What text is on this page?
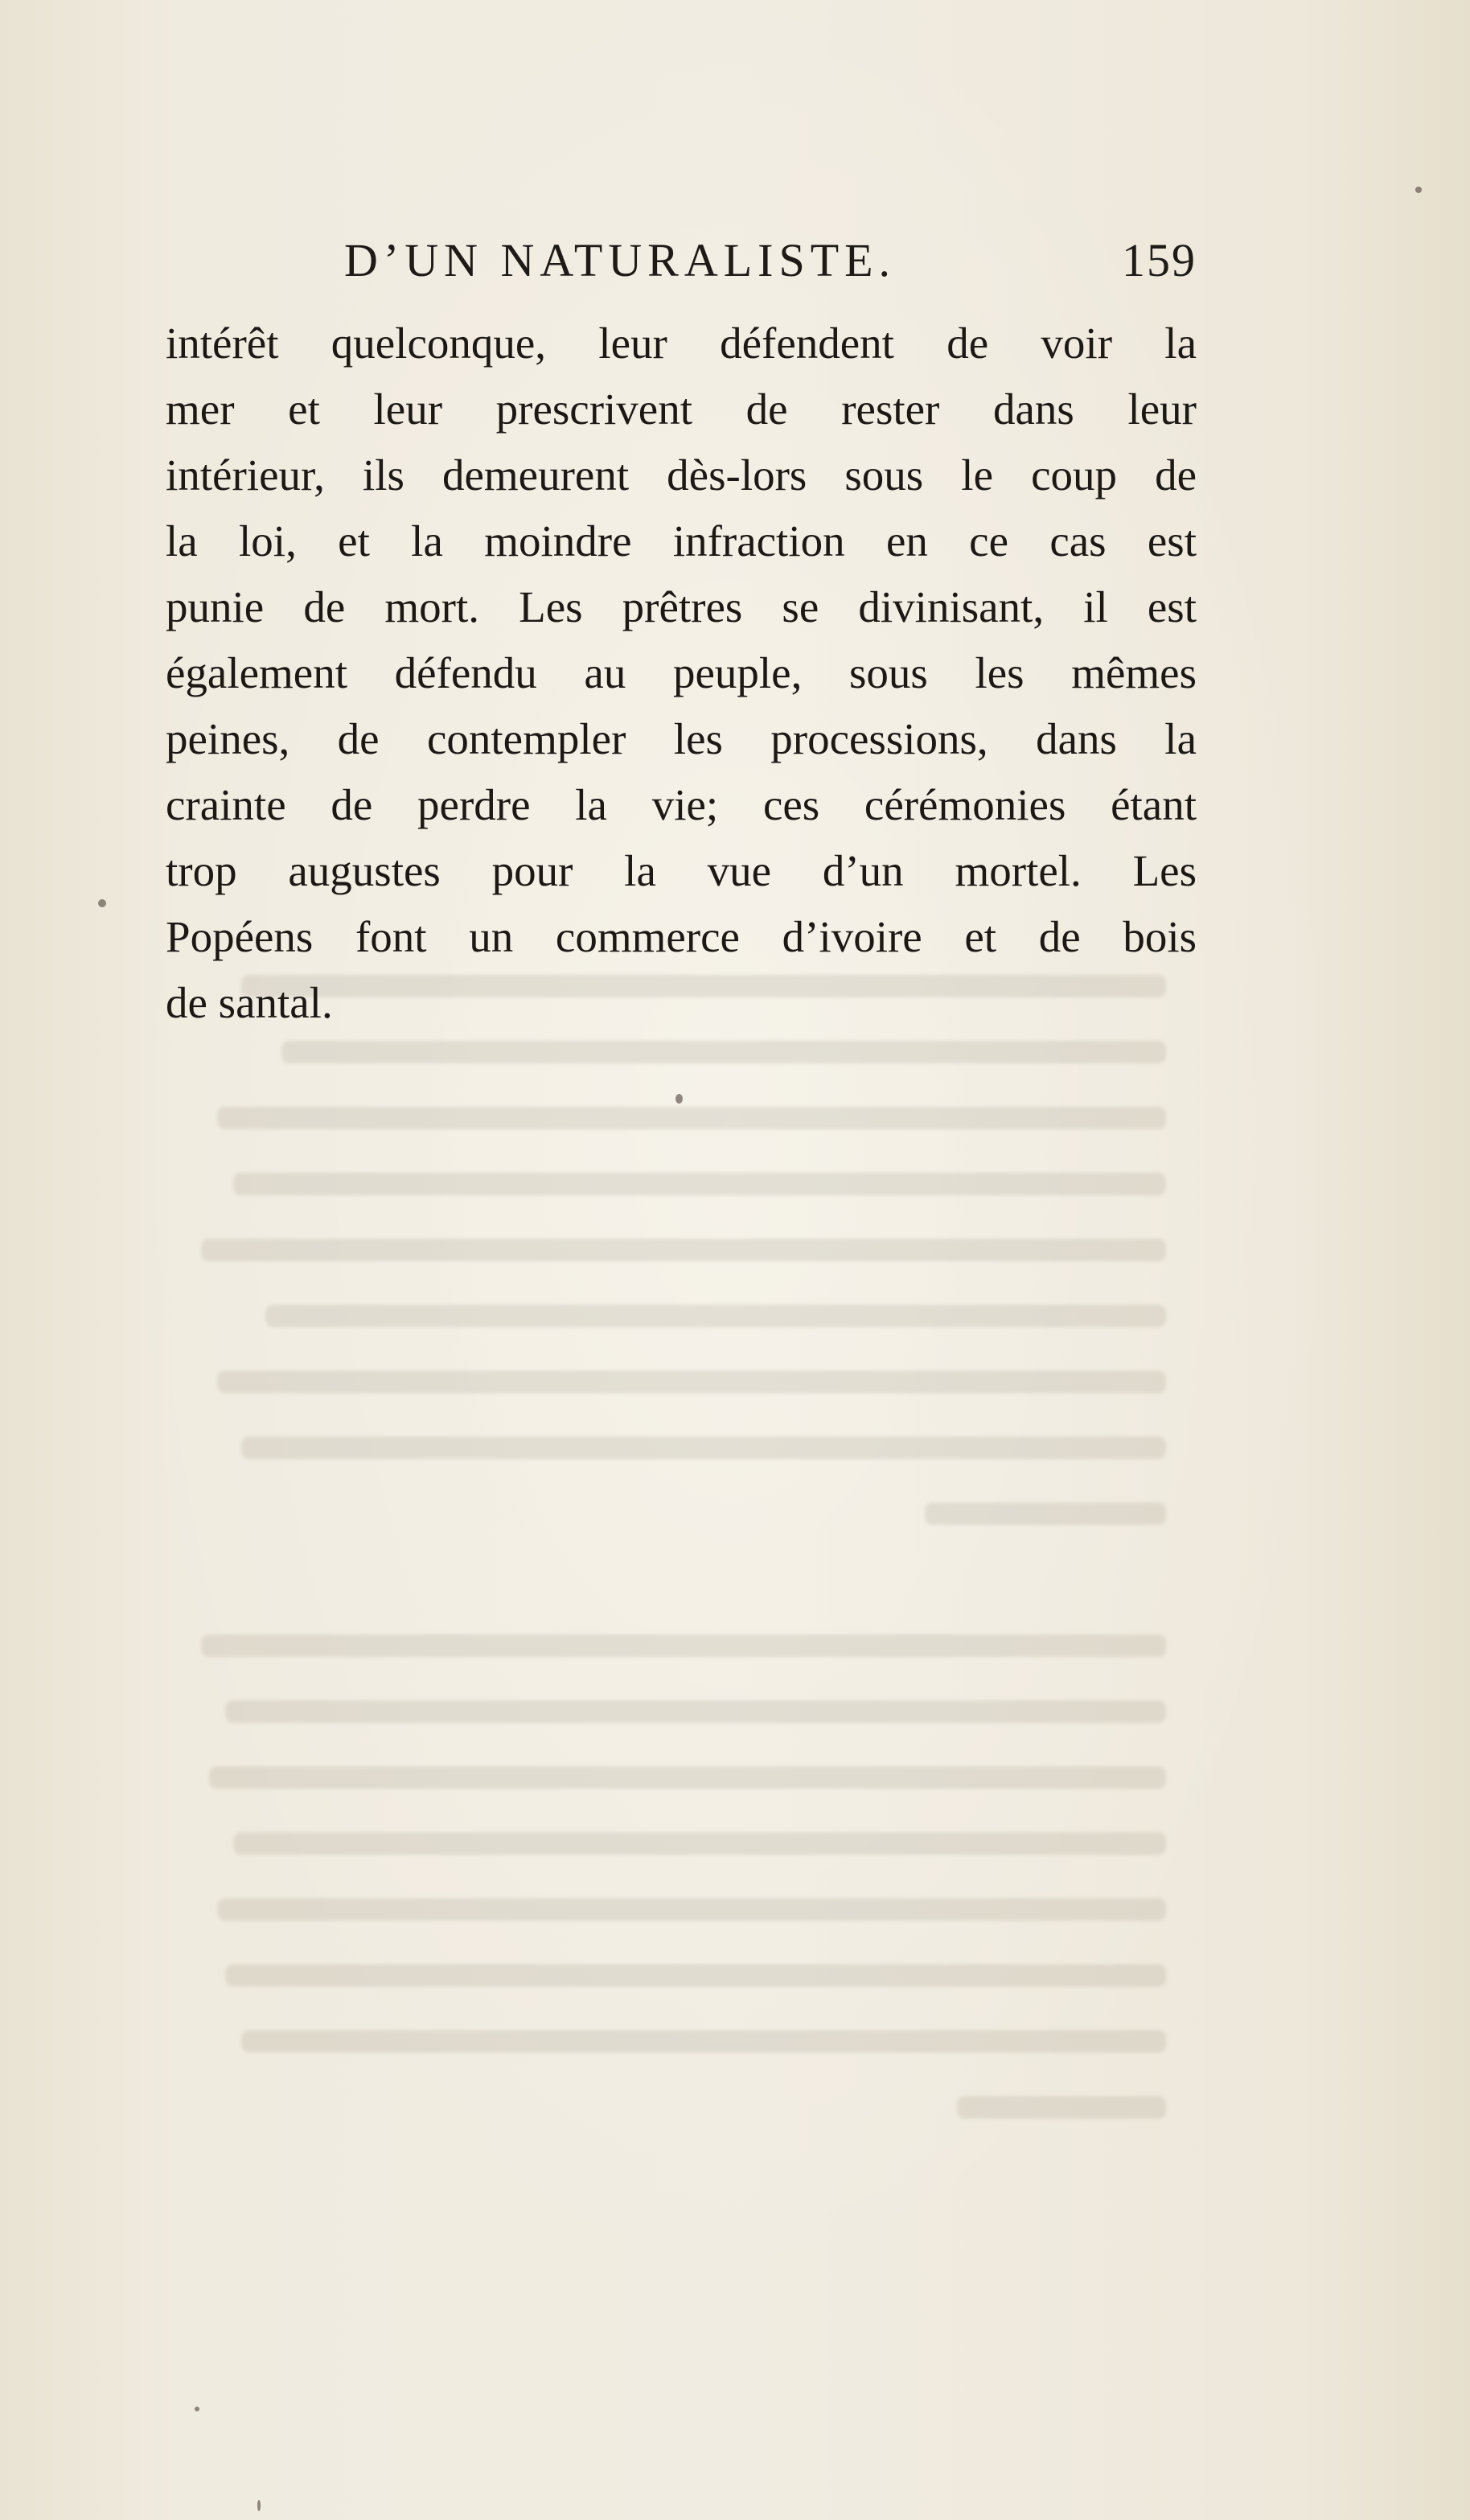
D’UN NATURALISTE.	159
intérêt quelconque, leur défendent de voir la
mer et leur prescrivent de rester dans leur
intérieur, ils demeurent dès-lors sous le coup de
la loi, et la moindre infraction en ce cas est
punie de mort. Les prêtres se divinisant, il est
également défendu au peuple, sous les mêmes
peines, de contempler les processions, dans la
crainte de perdre la vie; ces cérémonies étant
trop augustes pour la vue d’un mortel. Les
Popéens font un commerce d’ivoire et de bois
de santal.
